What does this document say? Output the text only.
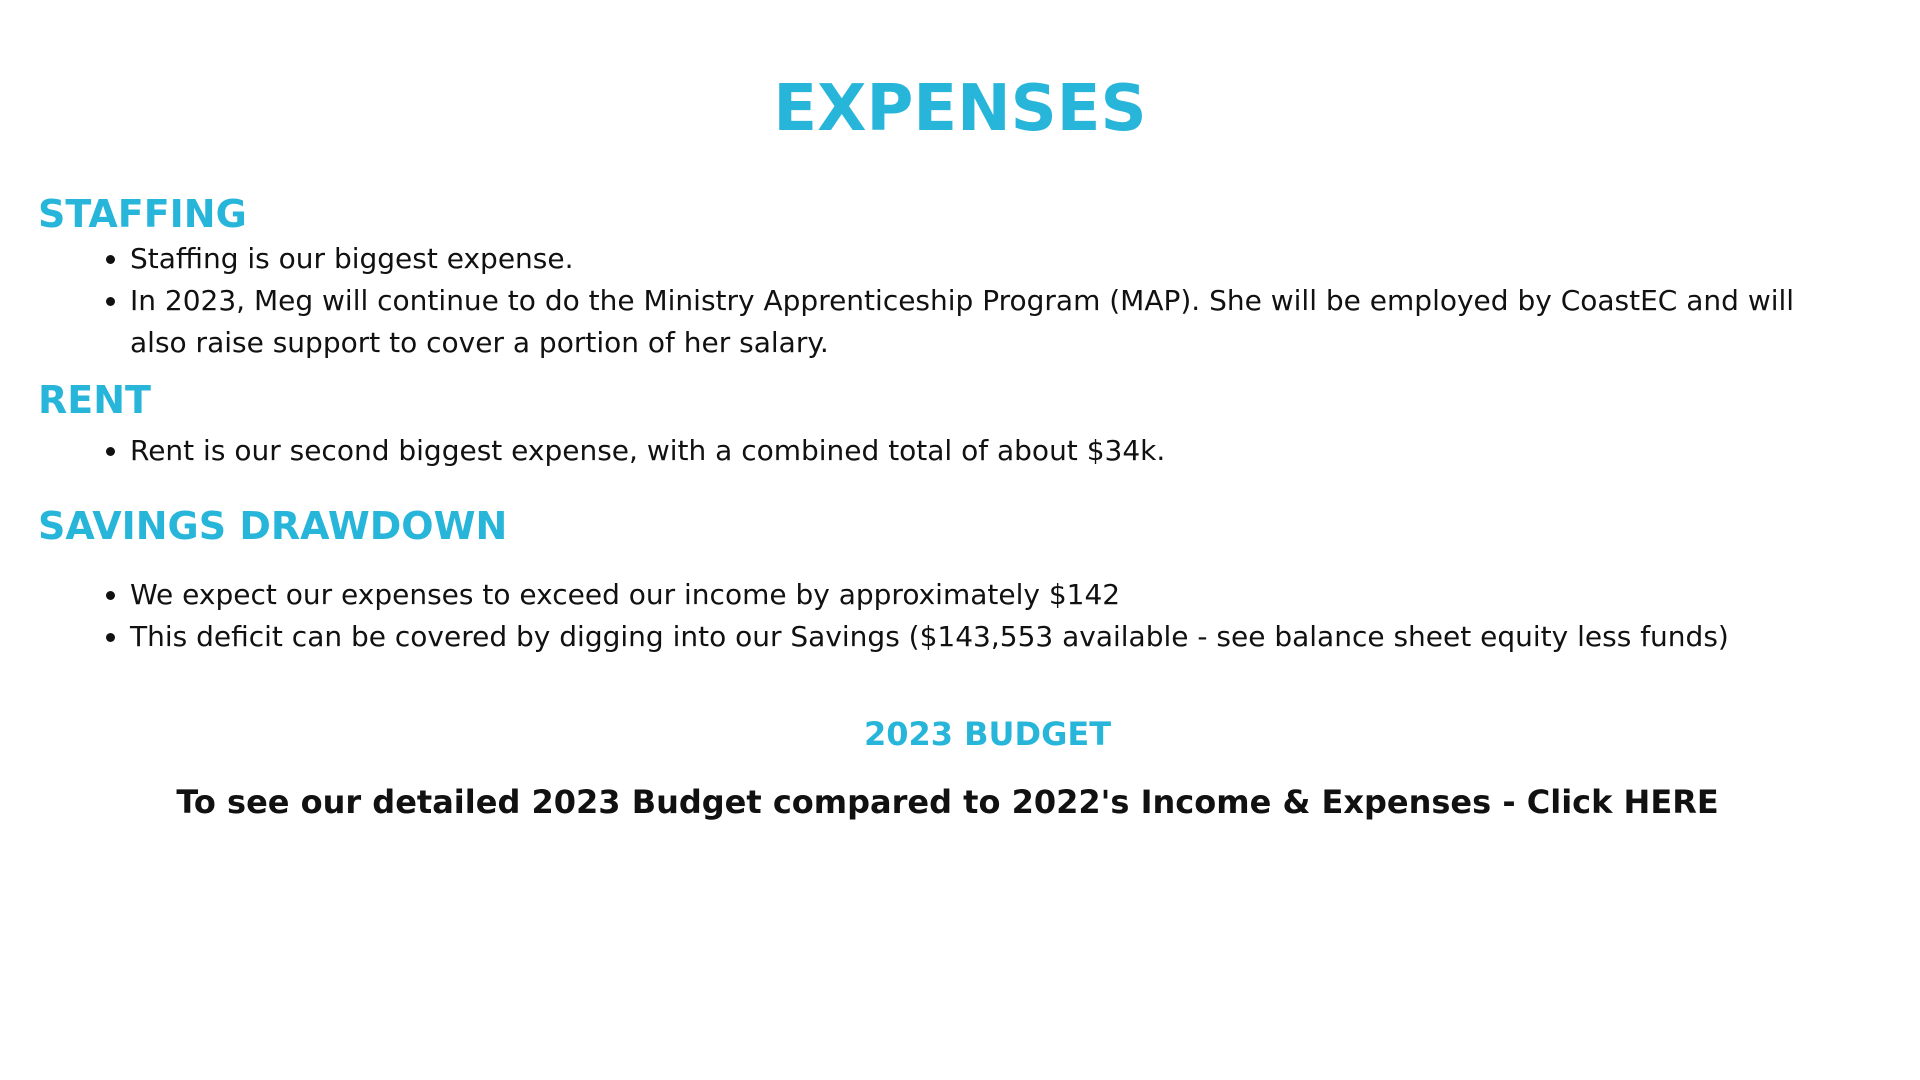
EXPENSES
STAFFING
• Staffing is our biggest expense.
• In 2023, Meg will continue to do the Ministry Apprenticeship Program (MAP). She will be employed by CoastEC and will also raise support to cover a portion of her salary.
RENT
• Rent is our second biggest expense, with a combined total of about $34k.
SAVINGS DRAWDOWN
• We expect our expenses to exceed our income by approximately $142
• This deficit can be covered by digging into our Savings ($143,553 available - see balance sheet equity less funds)
2023 BUDGET
To see our detailed 2023 Budget compared to 2022's Income & Expenses - Click HERE
